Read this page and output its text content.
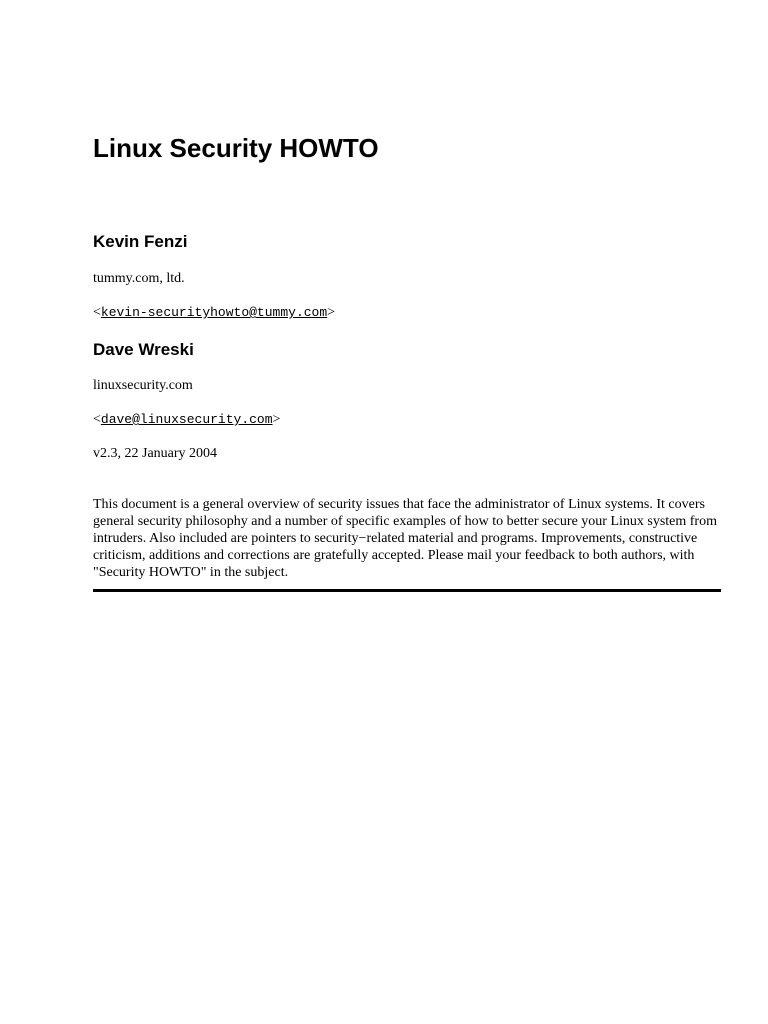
Linux Security HOWTO
Kevin Fenzi

tummy.com, ltd.

<kevin-securityhowto@tummy.com>

Dave Wreski

linuxsecurity.com

<dave@linuxsecurity.com>

v2.3, 22 January 2004

This document is a general overview of security issues that face the administrator of Linux systems. It covers general security philosophy and a number of specific examples of how to better secure your Linux system from intruders. Also included are pointers to security−related material and programs. Improvements, constructive criticism, additions and corrections are gratefully accepted. Please mail your feedback to both authors, with "Security HOWTO" in the subject.
